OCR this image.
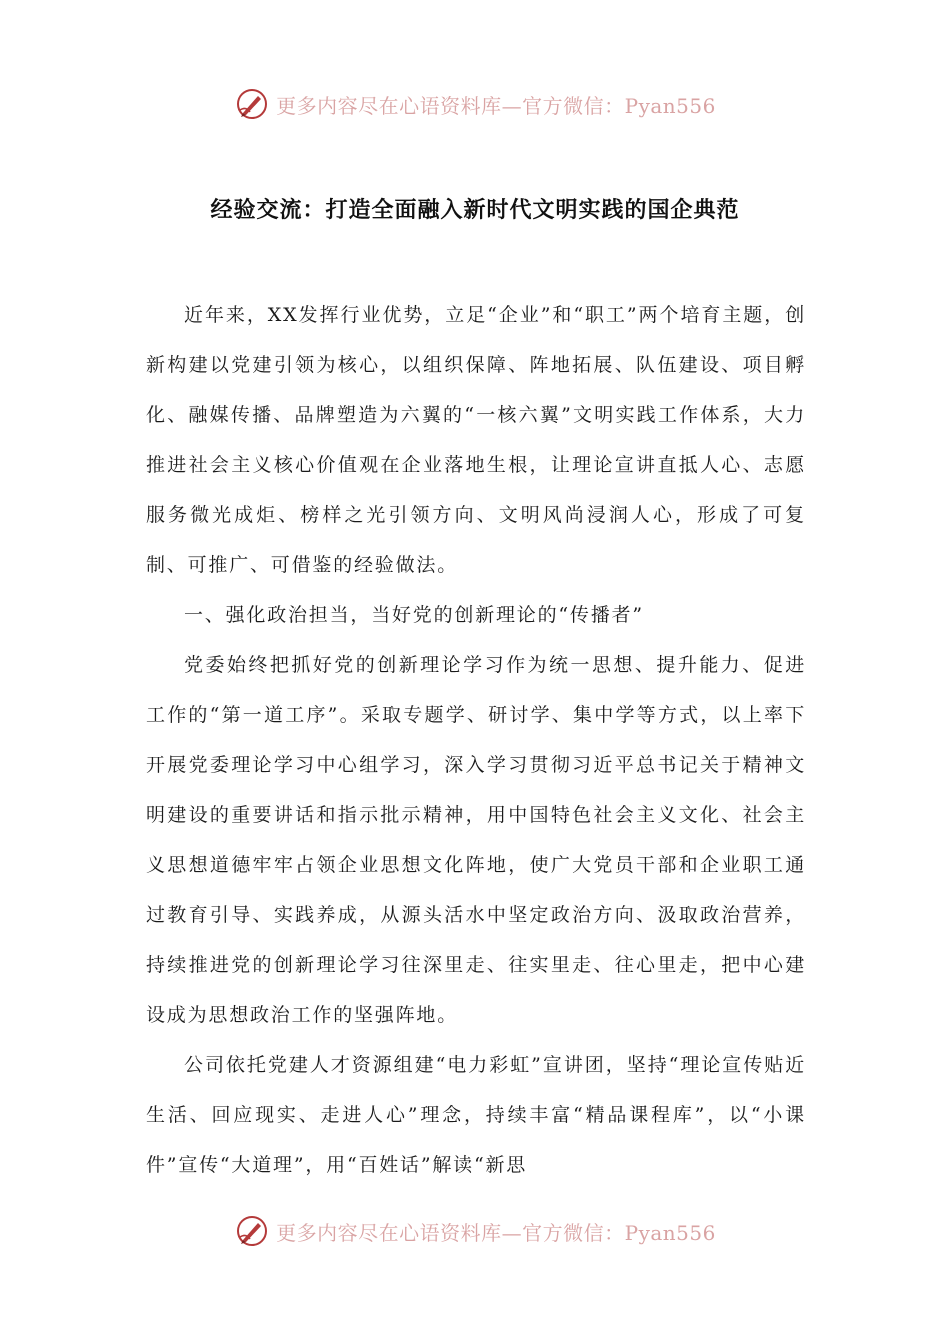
更多内容尽在心语资料库—官方微信：Pyan556
经验交流：打造全面融入新时代文明实践的国企典范

近年来，XX发挥行业优势，立足“企业”和“职工”两个培育主题，创新构建以党建引领为核心，以组织保障、阵地拓展、队伍建设、项目孵化、融媒传播、品牌塑造为六翼的“一核六翼”文明实践工作体系，大力推进社会主义核心价值观在企业落地生根，让理论宣讲直抵人心、志愿服务微光成炬、榜样之光引领方向、文明风尚浸润人心，形成了可复制、可推广、可借鉴的经验做法。

一、强化政治担当，当好党的创新理论的“传播者”

党委始终把抓好党的创新理论学习作为统一思想、提升能力、促进工作的“第一道工序”。采取专题学、研讨学、集中学等方式，以上率下开展党委理论学习中心组学习，深入学习贯彻习近平总书记关于精神文明建设的重要讲话和指示批示精神，用中国特色社会主义文化、社会主义思想道德牢牢占领企业思想文化阵地，使广大党员干部和企业职工通过教育引导、实践养成，从源头活水中坚定政治方向、汲取政治营养，持续推进党的创新理论学习往深里走、往实里走、往心里走，把中心建设成为思想政治工作的坚强阵地。

公司依托党建人才资源组建“电力彩虹”宣讲团，坚持“理论宣传贴近生活、回应现实、走进人心”理念，持续丰富“精品课程库”，以“小课件”宣传“大道理”，用“百姓话”解读“新思

更多内容尽在心语资料库—官方微信：Pyan556
